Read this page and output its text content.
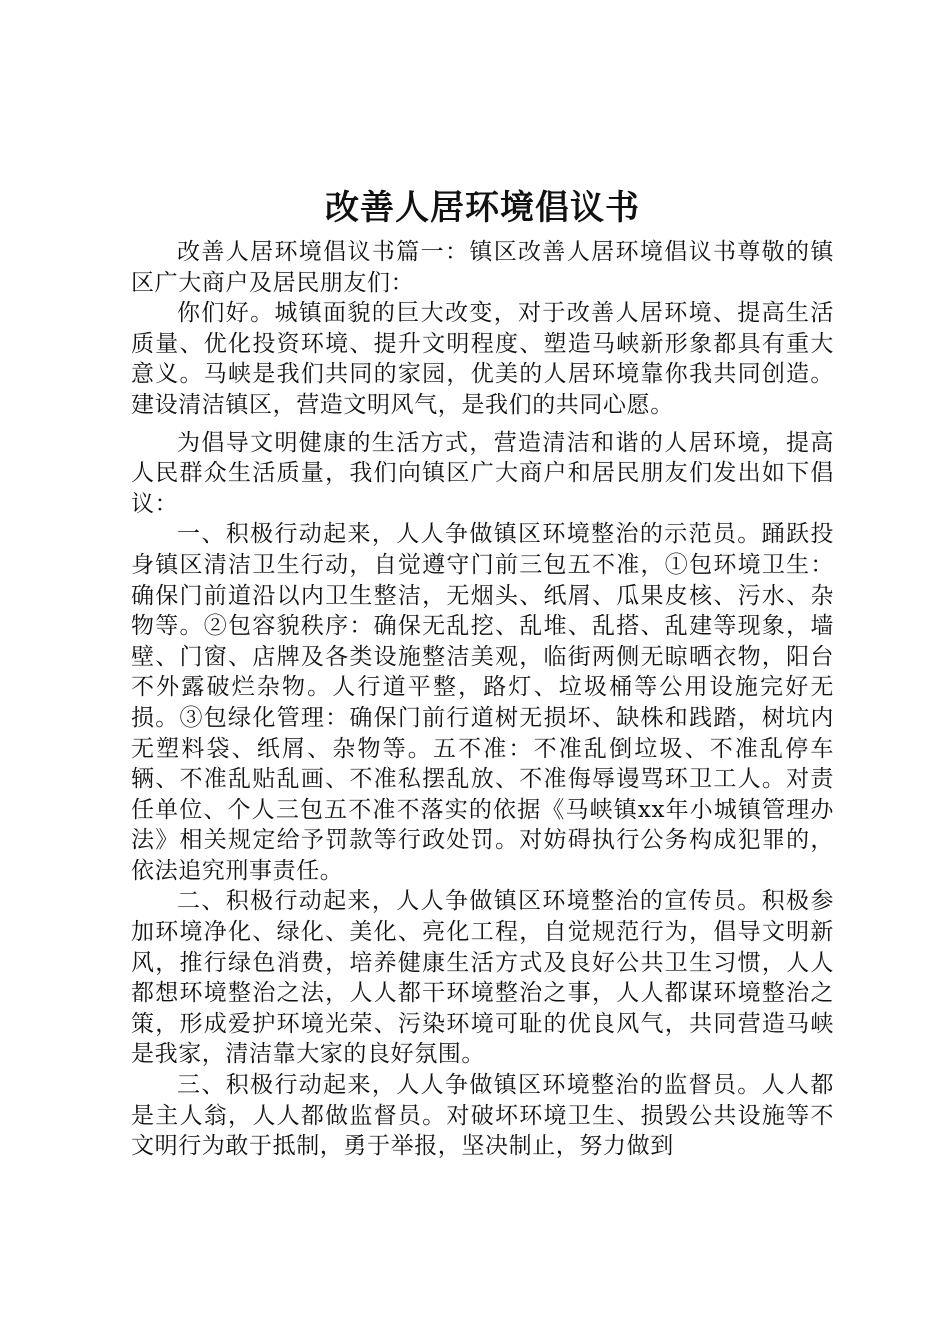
改善人居环境倡议书

改善人居环境倡议书篇一：镇区改善人居环境倡议书尊敬的镇区广大商户及居民朋友们：

你们好。城镇面貌的巨大改变，对于改善人居环境、提高生活质量、优化投资环境、提升文明程度、塑造马峡新形象都具有重大意义。马峡是我们共同的家园，优美的人居环境靠你我共同创造。建设清洁镇区，营造文明风气，是我们的共同心愿。

为倡导文明健康的生活方式，营造清洁和谐的人居环境，提高人民群众生活质量，我们向镇区广大商户和居民朋友们发出如下倡议：

一、积极行动起来，人人争做镇区环境整治的示范员。踊跃投身镇区清洁卫生行动，自觉遵守门前三包五不准，①包环境卫生：确保门前道沿以内卫生整洁，无烟头、纸屑、瓜果皮核、污水、杂物等。②包容貌秩序：确保无乱挖、乱堆、乱搭、乱建等现象，墙壁、门窗、店牌及各类设施整洁美观，临街两侧无晾晒衣物，阳台不外露破烂杂物。人行道平整，路灯、垃圾桶等公用设施完好无损。③包绿化管理：确保门前行道树无损坏、缺株和践踏，树坑内无塑料袋、纸屑、杂物等。五不准：不准乱倒垃圾、不准乱停车辆、不准乱贴乱画、不准私摆乱放、不准侮辱谩骂环卫工人。对责任单位、个人三包五不准不落实的依据《马峡镇xx年小城镇管理办法》相关规定给予罚款等行政处罚。对妨碍执行公务构成犯罪的，依法追究刑事责任。

二、积极行动起来，人人争做镇区环境整治的宣传员。积极参加环境净化、绿化、美化、亮化工程，自觉规范行为，倡导文明新风，推行绿色消费，培养健康生活方式及良好公共卫生习惯，人人都想环境整治之法，人人都干环境整治之事，人人都谋环境整治之策，形成爱护环境光荣、污染环境可耻的优良风气，共同营造马峡是我家，清洁靠大家的良好氛围。

三、积极行动起来，人人争做镇区环境整治的监督员。人人都是主人翁，人人都做监督员。对破坏环境卫生、损毁公共设施等不文明行为敢于抵制，勇于举报，坚决制止，努力做到
